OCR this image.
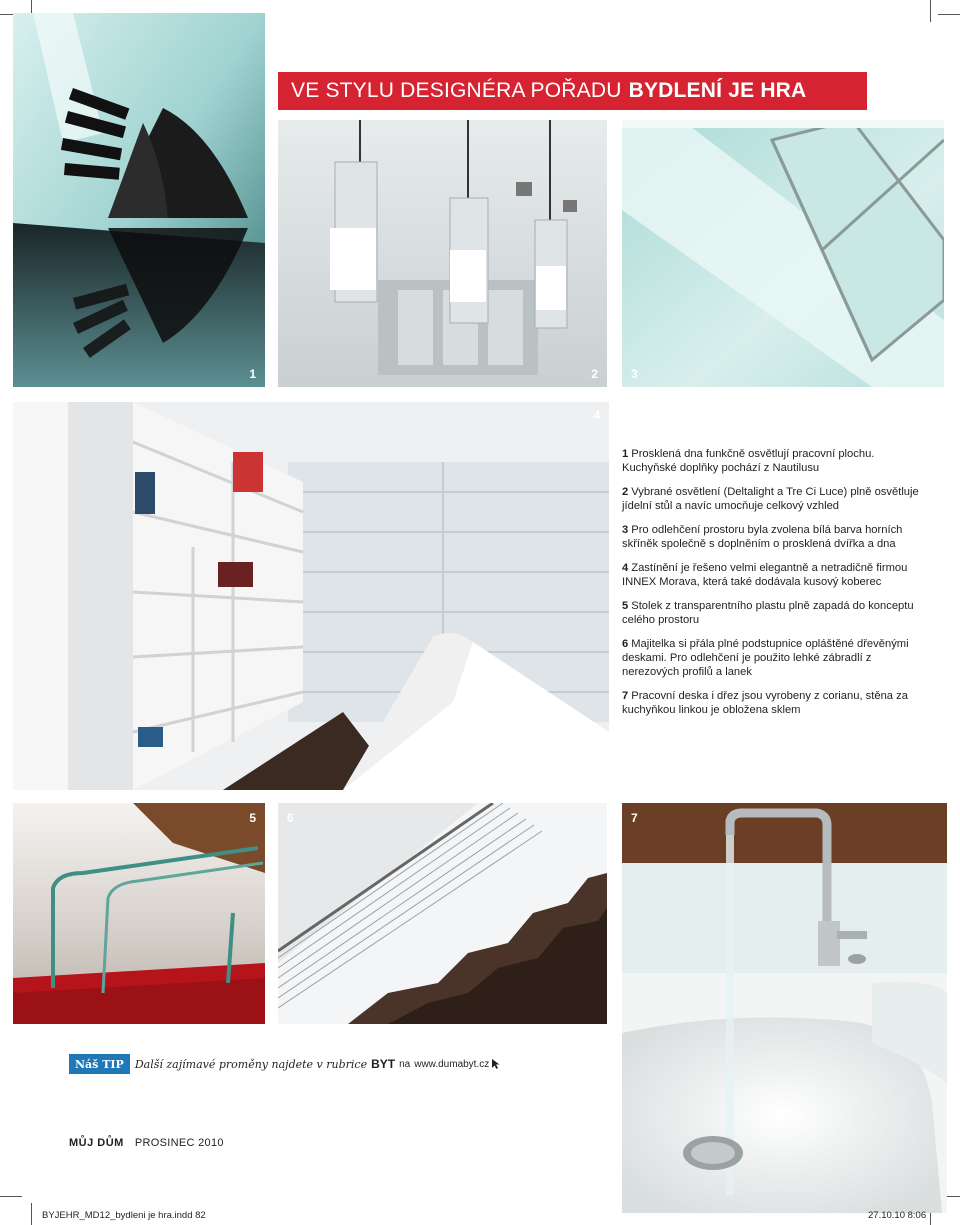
1
VE STYLU DESIGNÉRA POŘADU BYDLENÍ JE HRA
2	3
4
1 Prosklená dna funkčně osvětlují pracovní plochu. Kuchyňské doplňky pochází z Nautilusu
2 Vybrané osvětlení (Deltalight a Tre Ci Luce) plně osvětluje jídelní stůl a navíc umocňuje celkový vzhled
3 Pro odlehčení prostoru byla zvolena bílá barva horních skříněk společně s doplněním o prosklená dvířka a dna
4 Zastínění je řešeno velmi elegantně a netradičně firmou INNEX Morava, která také dodávala kusový koberec
5 Stolek z transparentního plastu plně zapadá do konceptu celého prostoru
6 Majitelka si přála plné podstupnice opláštěné dřevěnými deskami. Pro odlehčení je použito lehké zábradlí z nerezových profilů a lanek
7 Pracovní deska i dřez jsou vyrobeny z corianu, stěna za kuchyňkou linkou je obložena sklem
5	6	7
Náš TIP	Další zajímavé proměny najdete v rubrice BYT na www.dumabyt.cz
MŮJ DŮM PROSINEC 2010
BYJEHR_MD12_bydleni je hra.indd 82	27.10.10 8:06
